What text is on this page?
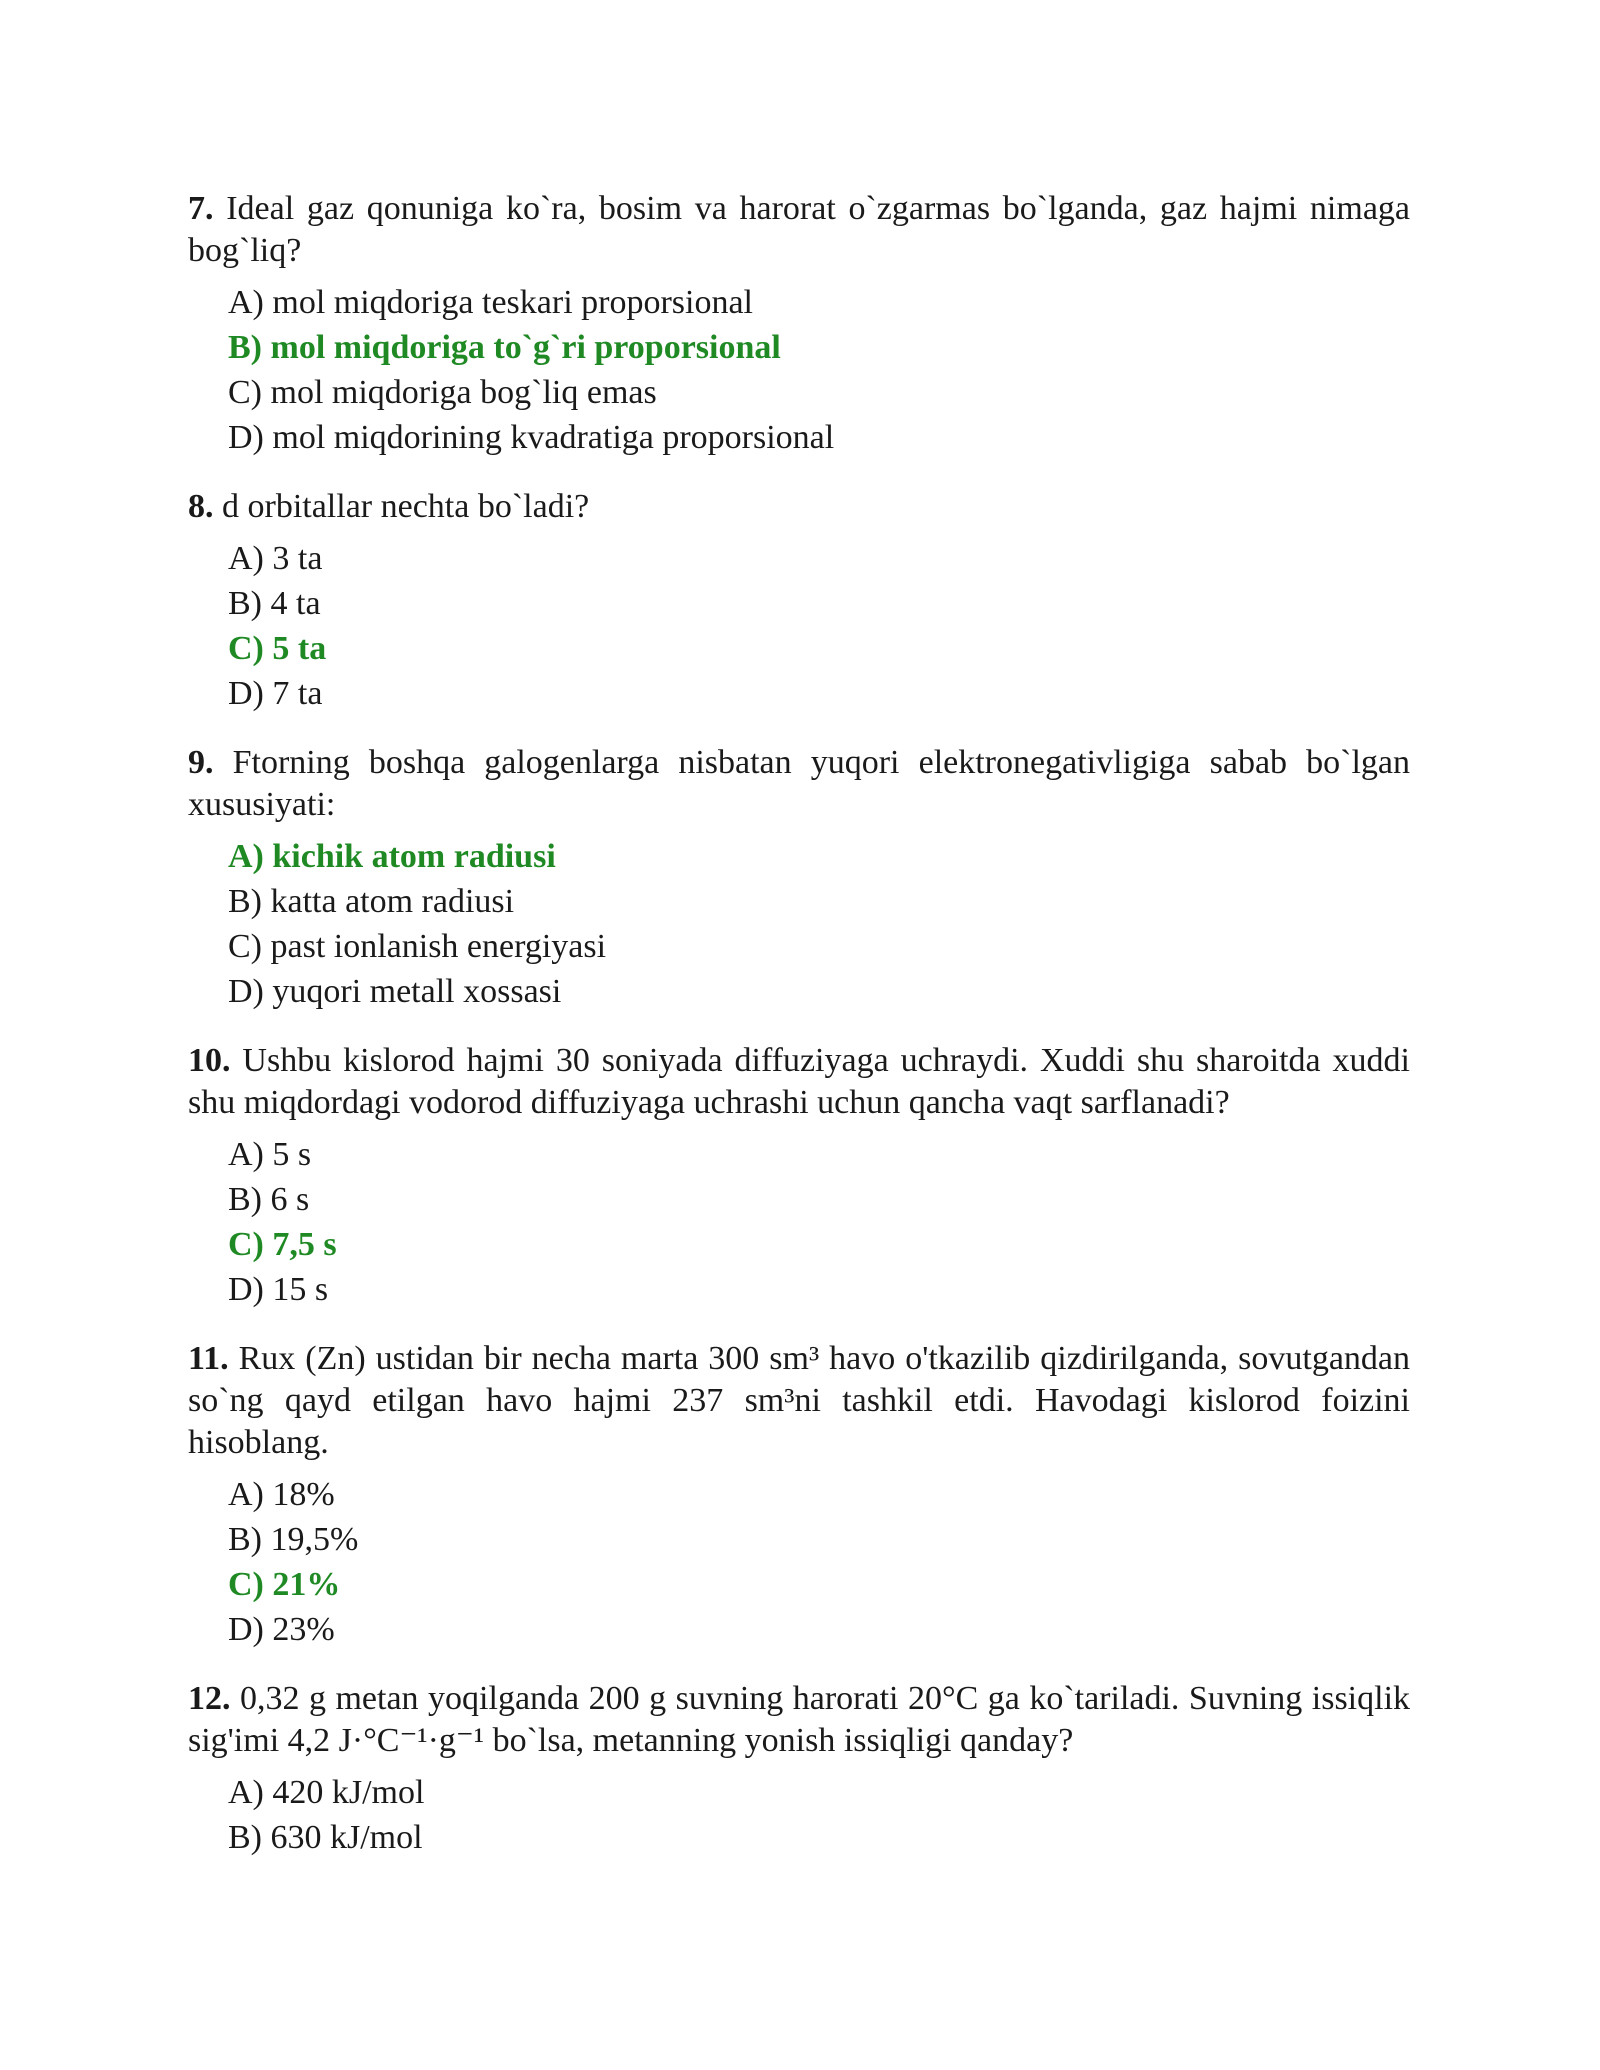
7. Ideal gaz qonuniga ko`ra, bosim va harorat o`zgarmas bo`lganda, gaz hajmi nimaga bog`liq?

A) mol miqdoriga teskari proporsional
B) mol miqdoriga to`g`ri proporsional
C) mol miqdoriga bog`liq emas
D) mol miqdorining kvadratiga proporsional

8. d orbitallar nechta bo`ladi?

A) 3 ta
B) 4 ta
C) 5 ta
D) 7 ta

9. Ftorning boshqa galogenlarga nisbatan yuqori elektronegativligiga sabab bo`lgan xususiyati:

A) kichik atom radiusi
B) katta atom radiusi
C) past ionlanish energiyasi
D) yuqori metall xossasi

10. Ushbu kislorod hajmi 30 soniyada diffuziyaga uchraydi. Xuddi shu sharoitda xuddi shu miqdordagi vodorod diffuziyaga uchrashi uchun qancha vaqt sarflanadi?

A) 5 s
B) 6 s
C) 7,5 s
D) 15 s

11. Rux (Zn) ustidan bir necha marta 300 sm³ havo o'tkazilib qizdirilganda, sovutgandan so`ng qayd etilgan havo hajmi 237 sm³ni tashkil etdi. Havodagi kislorod foizini hisoblang.

A) 18%
B) 19,5%
C) 21%
D) 23%

12. 0,32 g metan yoqilganda 200 g suvning harorati 20°C ga ko`tariladi. Suvning issiqlik sig'imi 4,2 J·°C⁻¹·g⁻¹ bo`lsa, metanning yonish issiqligi qanday?

A) 420 kJ/mol
B) 630 kJ/mol
